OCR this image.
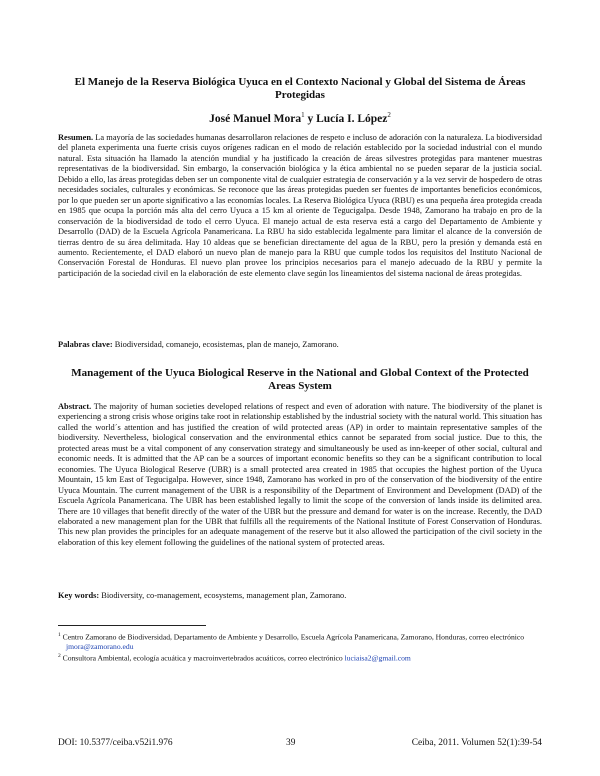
El Manejo de la Reserva Biológica Uyuca en el Contexto Nacional y Global del Sistema de Áreas Protegidas
José Manuel Mora$^1$ y Lucía I. López$^2$
Resumen. La mayoría de las sociedades humanas desarrollaron relaciones de respeto e incluso de adoración con la naturaleza. La biodiversidad del planeta experimenta una fuerte crisis cuyos orígenes radican en el modo de relación establecido por la sociedad industrial con el mundo natural. Esta situación ha llamado la atención mundial y ha justificado la creación de áreas silvestres protegidas para mantener muestras representativas de la biodiversidad. Sin embargo, la conservación biológica y la ética ambiental no se pueden separar de la justicia social. Debido a ello, las áreas protegidas deben ser un componente vital de cualquier estrategia de conservación y a la vez servir de hospedero de otras necesidades sociales, culturales y económicas. Se reconoce que las áreas protegidas pueden ser fuentes de importantes beneficios económicos, por lo que pueden ser un aporte significativo a las economías locales. La Reserva Biológica Uyuca (RBU) es una pequeña área protegida creada en 1985 que ocupa la porción más alta del cerro Uyuca a 15 km al oriente de Tegucigalpa. Desde 1948, Zamorano ha trabajo en pro de la conservación de la biodiversidad de todo el cerro Uyuca. El manejo actual de esta reserva está a cargo del Departamento de Ambiente y Desarrollo (DAD) de la Escuela Agrícola Panamericana. La RBU ha sido establecida legalmente para limitar el alcance de la conversión de tierras dentro de su área delimitada. Hay 10 aldeas que se benefician directamente del agua de la RBU, pero la presión y demanda está en aumento. Recientemente, el DAD elaboró un nuevo plan de manejo para la RBU que cumple todos los requisitos del Instituto Nacional de Conservación Forestal de Honduras. El nuevo plan provee los principios necesarios para el manejo adecuado de la RBU y permite la participación de la sociedad civil en la elaboración de este elemento clave según los lineamientos del sistema nacional de áreas protegidas.
Palabras clave: Biodiversidad, comanejo, ecosistemas, plan de manejo, Zamorano.
Management of the Uyuca Biological Reserve in the National and Global Context of the Protected Areas System
Abstract. The majority of human societies developed relations of respect and even of adoration with nature. The biodiversity of the planet is experiencing a strong crisis whose origins take root in relationship established by the industrial society with the natural world. This situation has called the world´s attention and has justified the creation of wild protected areas (AP) in order to maintain representative samples of the biodiversity. Nevertheless, biological conservation and the environmental ethics cannot be separated from social justice. Due to this, the protected areas must be a vital component of any conservation strategy and simultaneously be used as inn-keeper of other social, cultural and economic needs. It is admitted that the AP can be a sources of important economic benefits so they can be a significant contribution to local economies. The Uyuca Biological Reserve (UBR) is a small protected area created in 1985 that occupies the highest portion of the Uyuca Mountain, 15 km East of Tegucigalpa. However, since 1948, Zamorano has worked in pro of the conservation of the biodiversity of the entire Uyuca Mountain. The current management of the UBR is a responsibility of the Department of Environment and Development (DAD) of the Escuela Agrícola Panamericana. The UBR has been established legally to limit the scope of the conversion of lands inside its delimited area. There are 10 villages that benefit directly of the water of the UBR but the pressure and demand for water is on the increase. Recently, the DAD elaborated a new management plan for the UBR that fulfills all the requirements of the National Institute of Forest Conservation of Honduras. This new plan provides the principles for an adequate management of the reserve but it also allowed the participation of the civil society in the elaboration of this key element following the guidelines of the national system of protected areas.
Key words: Biodiversity, co-management, ecosystems, management plan, Zamorano.
$^1$ Centro Zamorano de Biodiversidad, Departamento de Ambiente y Desarrollo, Escuela Agrícola Panamericana, Zamorano, Honduras, correo electrónico jmora@zamorano.edu
$^2$ Consultora Ambiental, ecología acuática y macroinvertebrados acuáticos, correo electrónico luciaisa2@gmail.com
DOI: 10.5377/ceiba.v52i1.976	39	Ceiba, 2011. Volumen 52(1):39-54
